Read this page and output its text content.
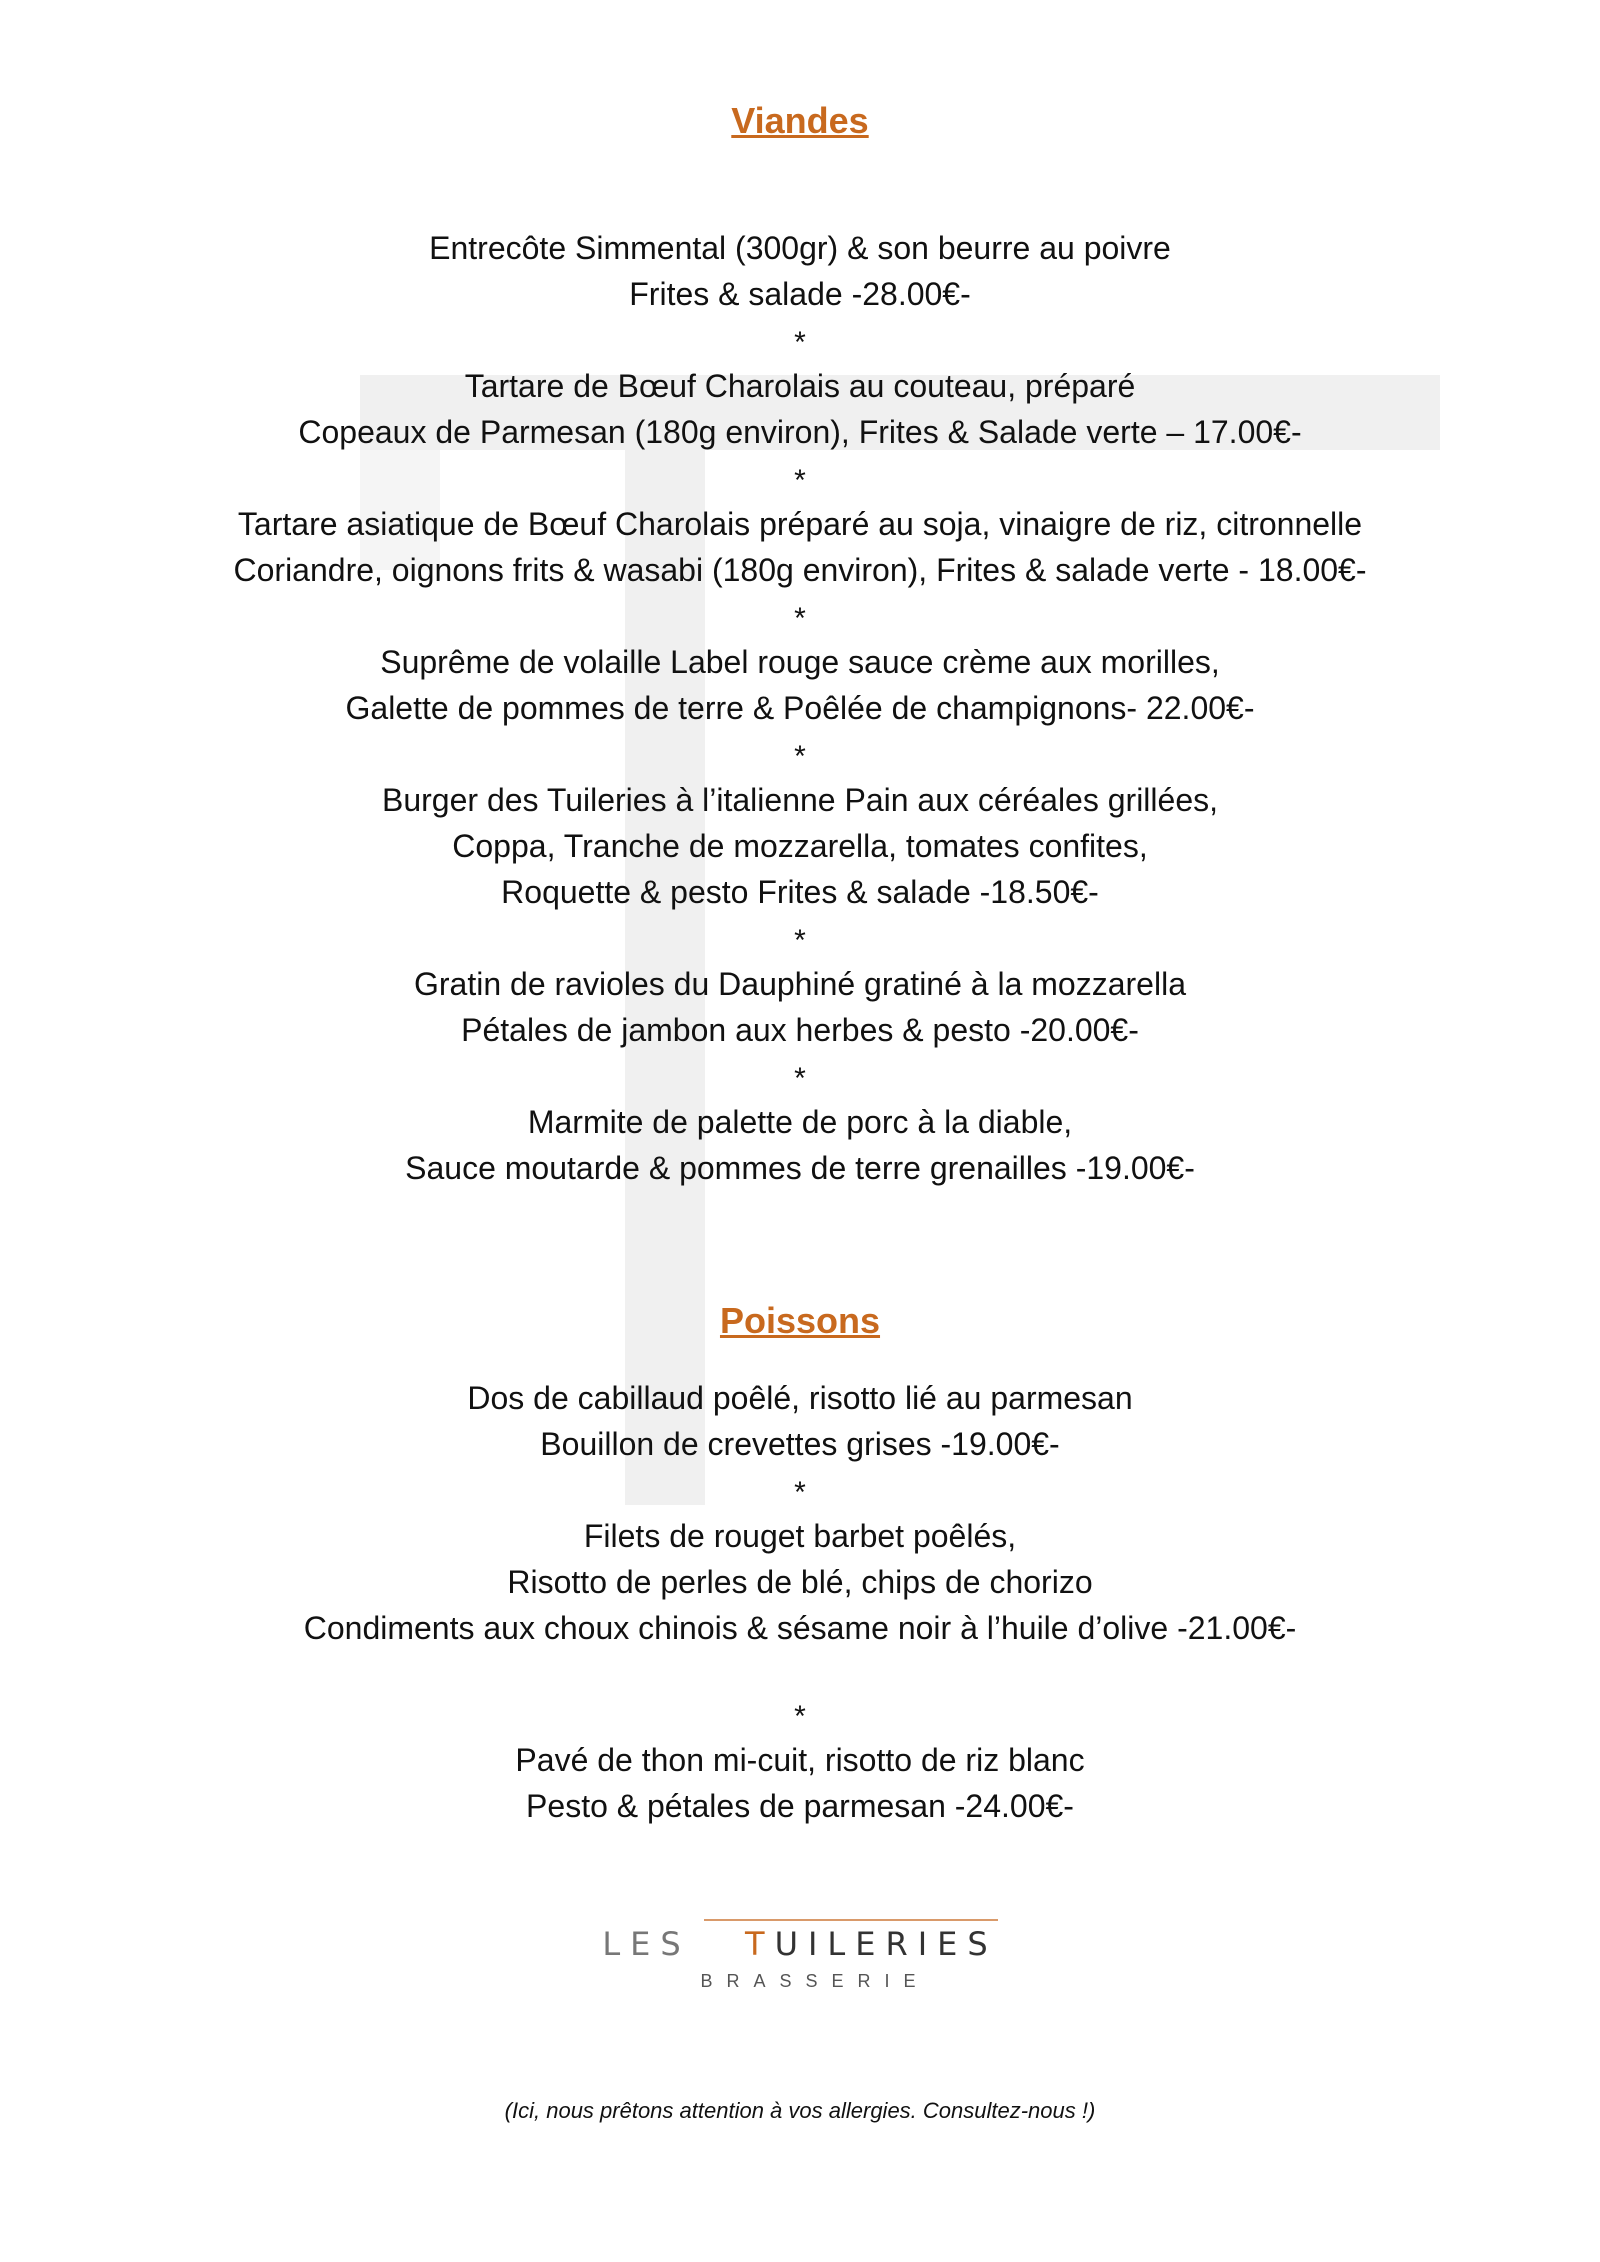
Viandes
Entrecôte Simmental (300gr) & son beurre au poivre
Frites & salade -28.00€-
*
Tartare de Bœuf Charolais au couteau, préparé
Copeaux de Parmesan (180g environ), Frites & Salade verte – 17.00€-
*
Tartare asiatique de Bœuf Charolais préparé au soja, vinaigre de riz, citronnelle
Coriandre, oignons frits & wasabi (180g environ), Frites & salade verte - 18.00€-
*
Suprême de volaille Label rouge sauce crème aux morilles,
Galette de pommes de terre & Poêlée de champignons- 22.00€-
*
Burger des Tuileries à l’italienne Pain aux céréales grillées,
Coppa, Tranche de mozzarella, tomates confites,
Roquette & pesto Frites & salade -18.50€-
*
Gratin de ravioles du Dauphiné gratiné à la mozzarella
Pétales de jambon aux herbes & pesto -20.00€-
*
Marmite de palette de porc à la diable,
Sauce moutarde & pommes de terre grenailles -19.00€-
Poissons
Dos de cabillaud poêlé, risotto lié au parmesan
Bouillon de crevettes grises -19.00€-
*
Filets de rouget barbet poêlés,
Risotto de perles de blé, chips de chorizo
Condiments aux choux chinois & sésame noir à l’huile d’olive -21.00€-
*
Pavé de thon mi-cuit, risotto de riz blanc
Pesto & pétales de parmesan -24.00€-
LES TUILERIES
BRASSERIE
(Ici, nous prêtons attention à vos allergies. Consultez-nous !)
